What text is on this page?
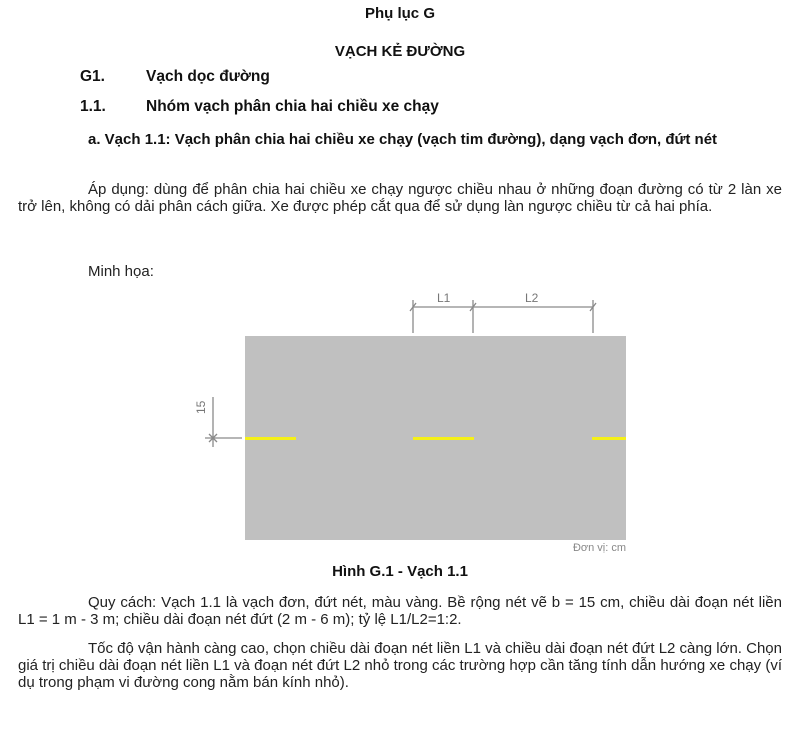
Phụ lục G
VẠCH KẺ ĐƯỜNG
G1.	Vạch dọc đường
1.1.	Nhóm vạch phân chia hai chiều xe chạy
a. Vạch 1.1: Vạch phân chia hai chiều xe chạy (vạch tim đường), dạng vạch đơn, đứt nét
Áp dụng: dùng để phân chia hai chiều xe chạy ngược chiều nhau ở những đoạn đường có từ 2 làn xe trở lên, không có dải phân cách giữa. Xe được phép cắt qua để sử dụng làn ngược chiều từ cả hai phía.
Minh họa:
L1	L2
15
Đơn vị: cm
Hình G.1 - Vạch 1.1
Quy cách: Vạch 1.1 là vạch đơn, đứt nét, màu vàng. Bề rộng nét vẽ b = 15 cm, chiều dài đoạn nét liền L1 = 1 m - 3 m; chiều dài đoạn nét đứt (2 m - 6 m); tỷ lệ L1/L2=1:2.
Tốc độ vận hành càng cao, chọn chiều dài đoạn nét liền L1 và chiều dài đoạn nét đứt L2 càng lớn. Chọn giá trị chiều dài đoạn nét liền L1 và đoạn nét đứt L2 nhỏ trong các trường hợp cần tăng tính dẫn hướng xe chạy (ví dụ trong phạm vi đường cong nằm bán kính nhỏ).
